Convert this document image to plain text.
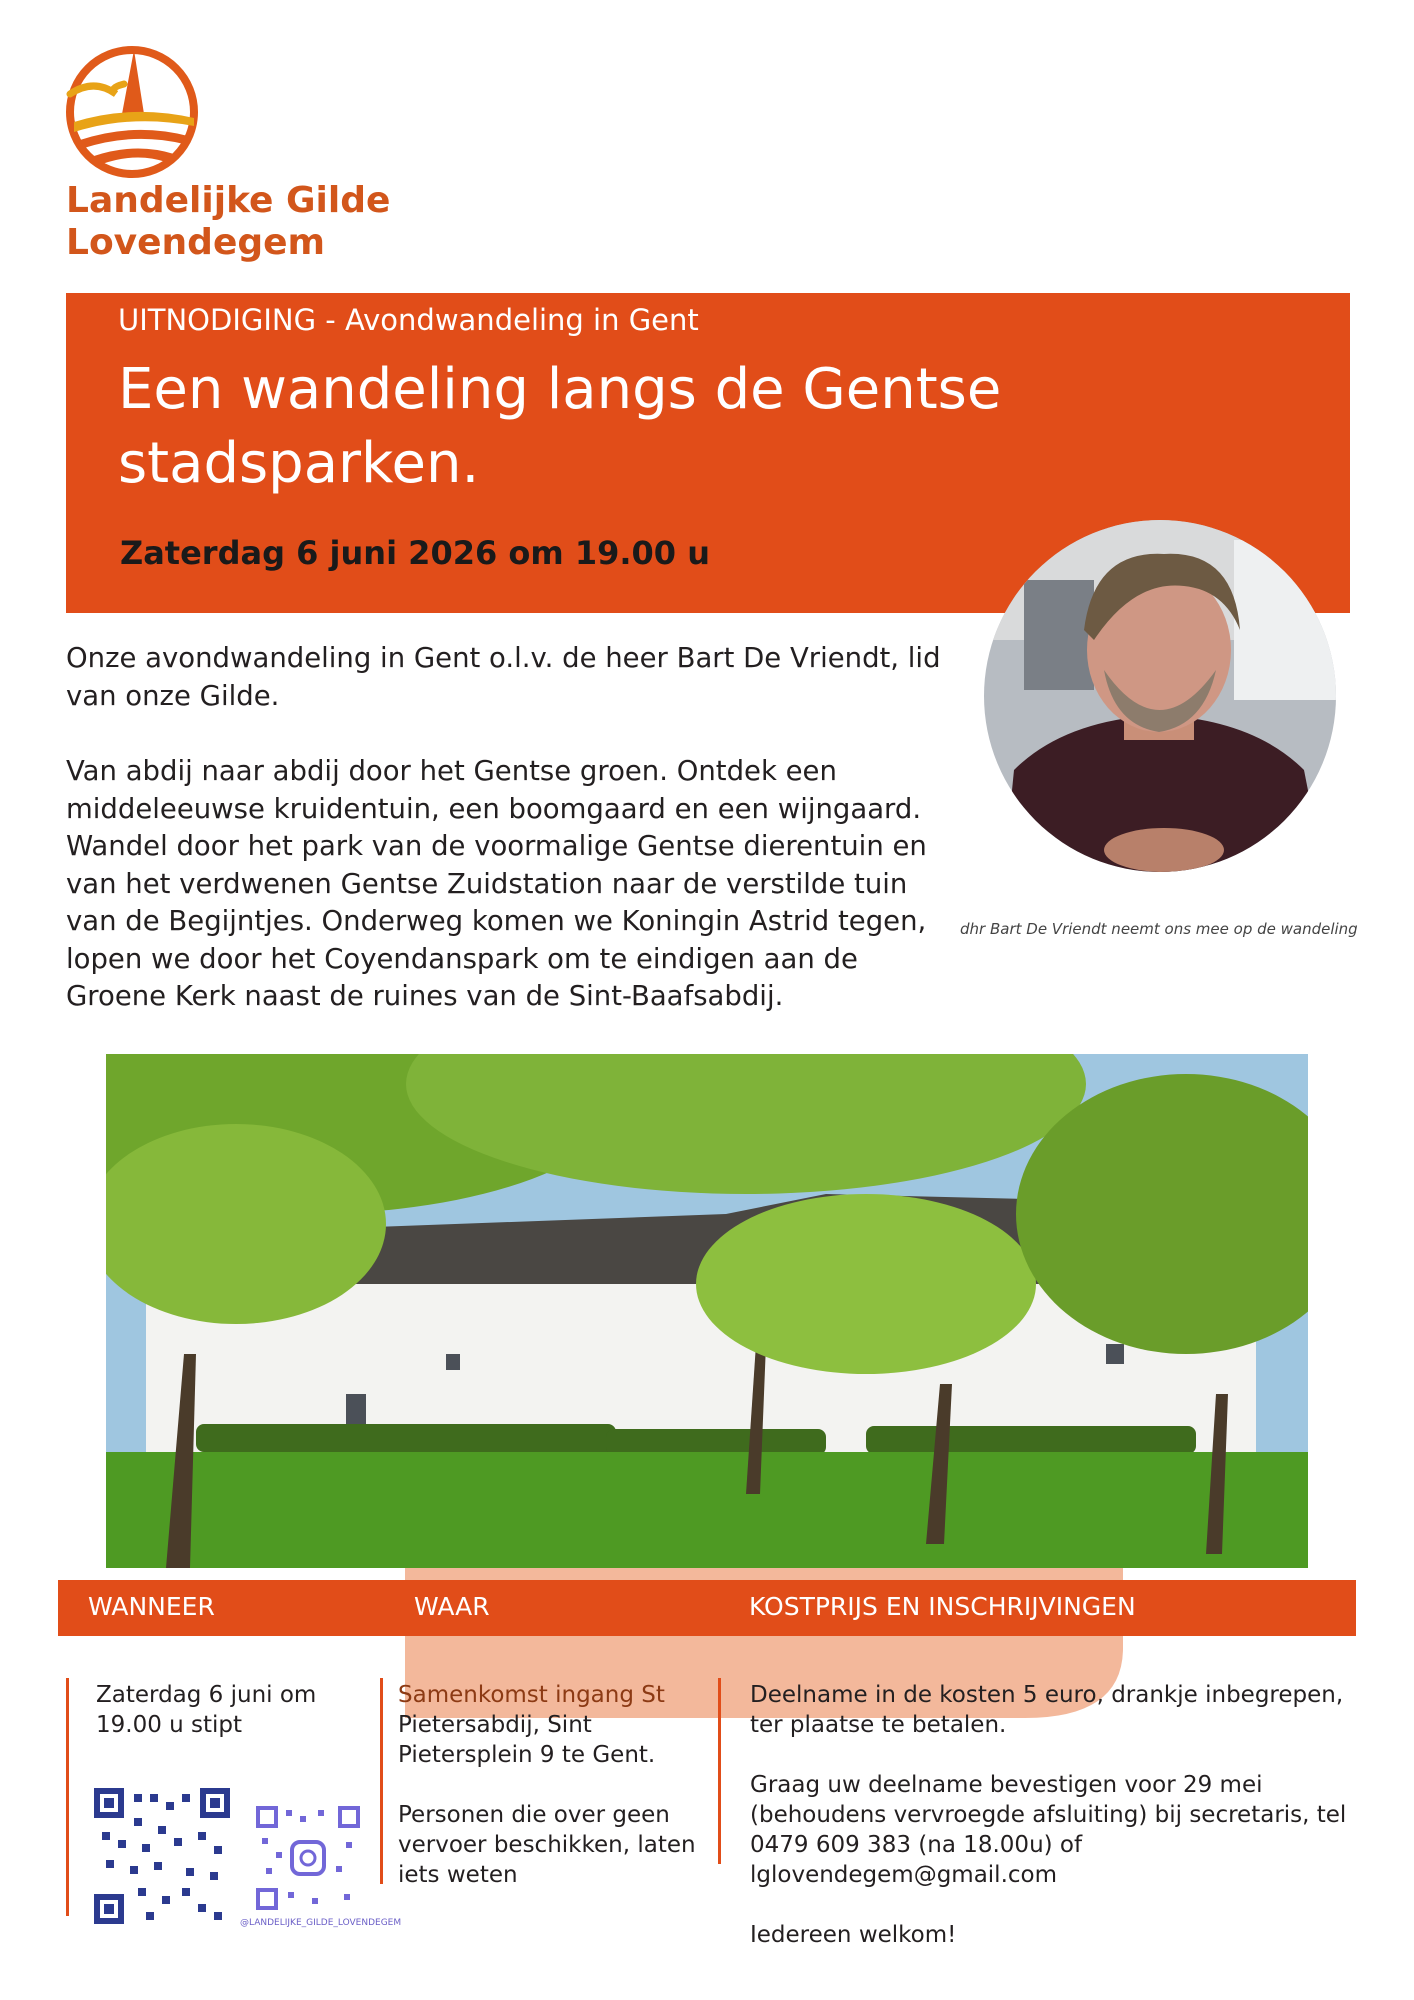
Landelijke Gilde
Lovendegem
UITNODIGING - Avondwandeling in Gent
Een wandeling langs de Gentse stadsparken.
Zaterdag 6 juni 2026 om 19.00 u
dhr Bart De Vriendt neemt ons mee op de wandeling

Onze avondwandeling in Gent o.l.v. de heer Bart De Vriendt, lid van onze Gilde.

Van abdij naar abdij door het Gentse groen. Ontdek een middeleeuwse kruidentuin, een boomgaard en een wijngaard. Wandel door het park van de voormalige Gentse dierentuin en van het verdwenen Gentse Zuidstation naar de verstilde tuin van de Begijntjes. Onderweg komen we Koningin Astrid tegen, lopen we door het Coyendanspark om te eindigen aan de Groene Kerk naast de ruines van de Sint-Baafsabdij.

WANNEER	WAAR	KOSTPRIJS EN INSCHRIJVINGEN
Zaterdag 6 juni om 19.00 u stipt
Samenkomst ingang St

Pietersabdij, Sint Pietersplein 9 te Gent.

Personen die over geen vervoer beschikken, laten iets weten

Deelname in de kosten 5 euro, drankje inbegrepen, ter plaatse te betalen.

Graag uw deelname bevestigen voor 29 mei (behoudens vervroegde afsluiting) bij secretaris, tel 0479 609 383 (na 18.00u) of lglovendegem@gmail.com

Iedereen welkom!

@LANDELIJKE_GILDE_LOVENDEGEM
